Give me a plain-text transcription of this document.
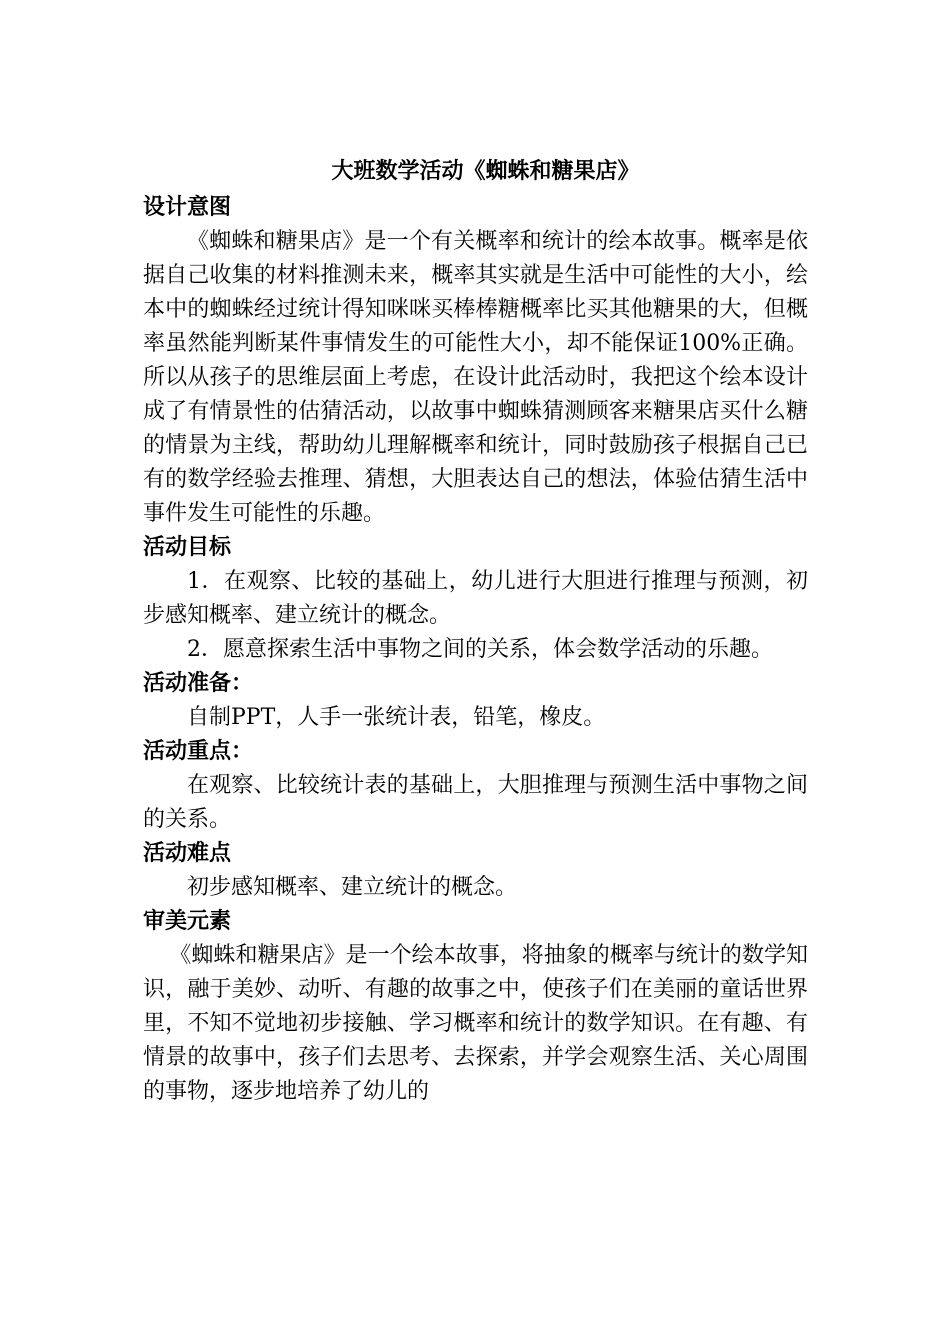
大班数学活动《蜘蛛和糖果店》
设计意图

《蜘蛛和糖果店》是一个有关概率和统计的绘本故事。概率是依据自己收集的材料推测未来，概率其实就是生活中可能性的大小，绘本中的蜘蛛经过统计得知咪咪买棒棒糖概率比买其他糖果的大，但概率虽然能判断某件事情发生的可能性大小，却不能保证100%正确。所以从孩子的思维层面上考虑，在设计此活动时，我把这个绘本设计成了有情景性的估猜活动，以故事中蜘蛛猜测顾客来糖果店买什么糖的情景为主线，帮助幼儿理解概率和统计，同时鼓励孩子根据自己已有的数学经验去推理、猜想，大胆表达自己的想法，体验估猜生活中事件发生可能性的乐趣。

活动目标

1．在观察、比较的基础上，幼儿进行大胆进行推理与预测，初步感知概率、建立统计的概念。

2．愿意探索生活中事物之间的关系，体会数学活动的乐趣。

活动准备：

自制PPT，人手一张统计表，铅笔，橡皮。

活动重点：

在观察、比较统计表的基础上，大胆推理与预测生活中事物之间的关系。

活动难点

初步感知概率、建立统计的概念。

审美元素

《蜘蛛和糖果店》是一个绘本故事，将抽象的概率与统计的数学知识，融于美妙、动听、有趣的故事之中，使孩子们在美丽的童话世界里，不知不觉地初步接触、学习概率和统计的数学知识。在有趣、有情景的故事中，孩子们去思考、去探索，并学会观察生活、关心周围的事物，逐步地培养了幼儿的
